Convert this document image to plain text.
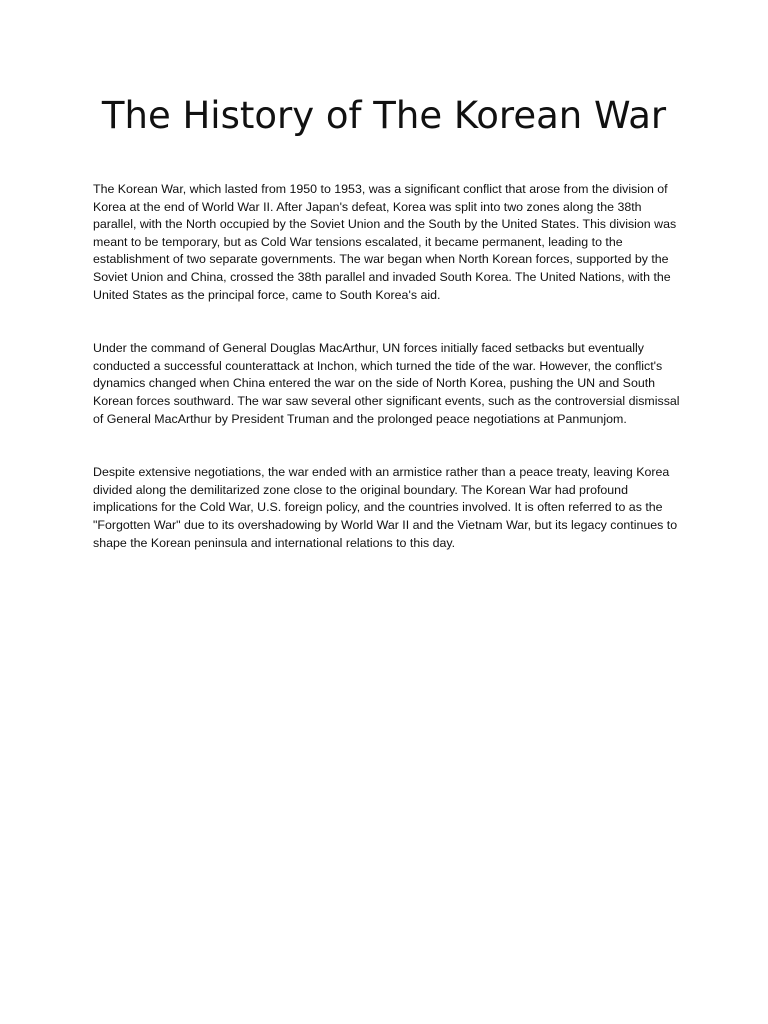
The History of The Korean War

The Korean War, which lasted from 1950 to 1953, was a significant conflict that arose from the division of Korea at the end of World War II. After Japan's defeat, Korea was split into two zones along the 38th parallel, with the North occupied by the Soviet Union and the South by the United States. This division was meant to be temporary, but as Cold War tensions escalated, it became permanent, leading to the establishment of two separate governments. The war began when North Korean forces, supported by the Soviet Union and China, crossed the 38th parallel and invaded South Korea. The United Nations, with the United States as the principal force, came to South Korea's aid.

Under the command of General Douglas MacArthur, UN forces initially faced setbacks but eventually conducted a successful counterattack at Inchon, which turned the tide of the war. However, the conflict's dynamics changed when China entered the war on the side of North Korea, pushing the UN and South Korean forces southward. The war saw several other significant events, such as the controversial dismissal of General MacArthur by President Truman and the prolonged peace negotiations at Panmunjom.

Despite extensive negotiations, the war ended with an armistice rather than a peace treaty, leaving Korea divided along the demilitarized zone close to the original boundary. The Korean War had profound implications for the Cold War, U.S. foreign policy, and the countries involved. It is often referred to as the "Forgotten War" due to its overshadowing by World War II and the Vietnam War, but its legacy continues to shape the Korean peninsula and international relations to this day.
